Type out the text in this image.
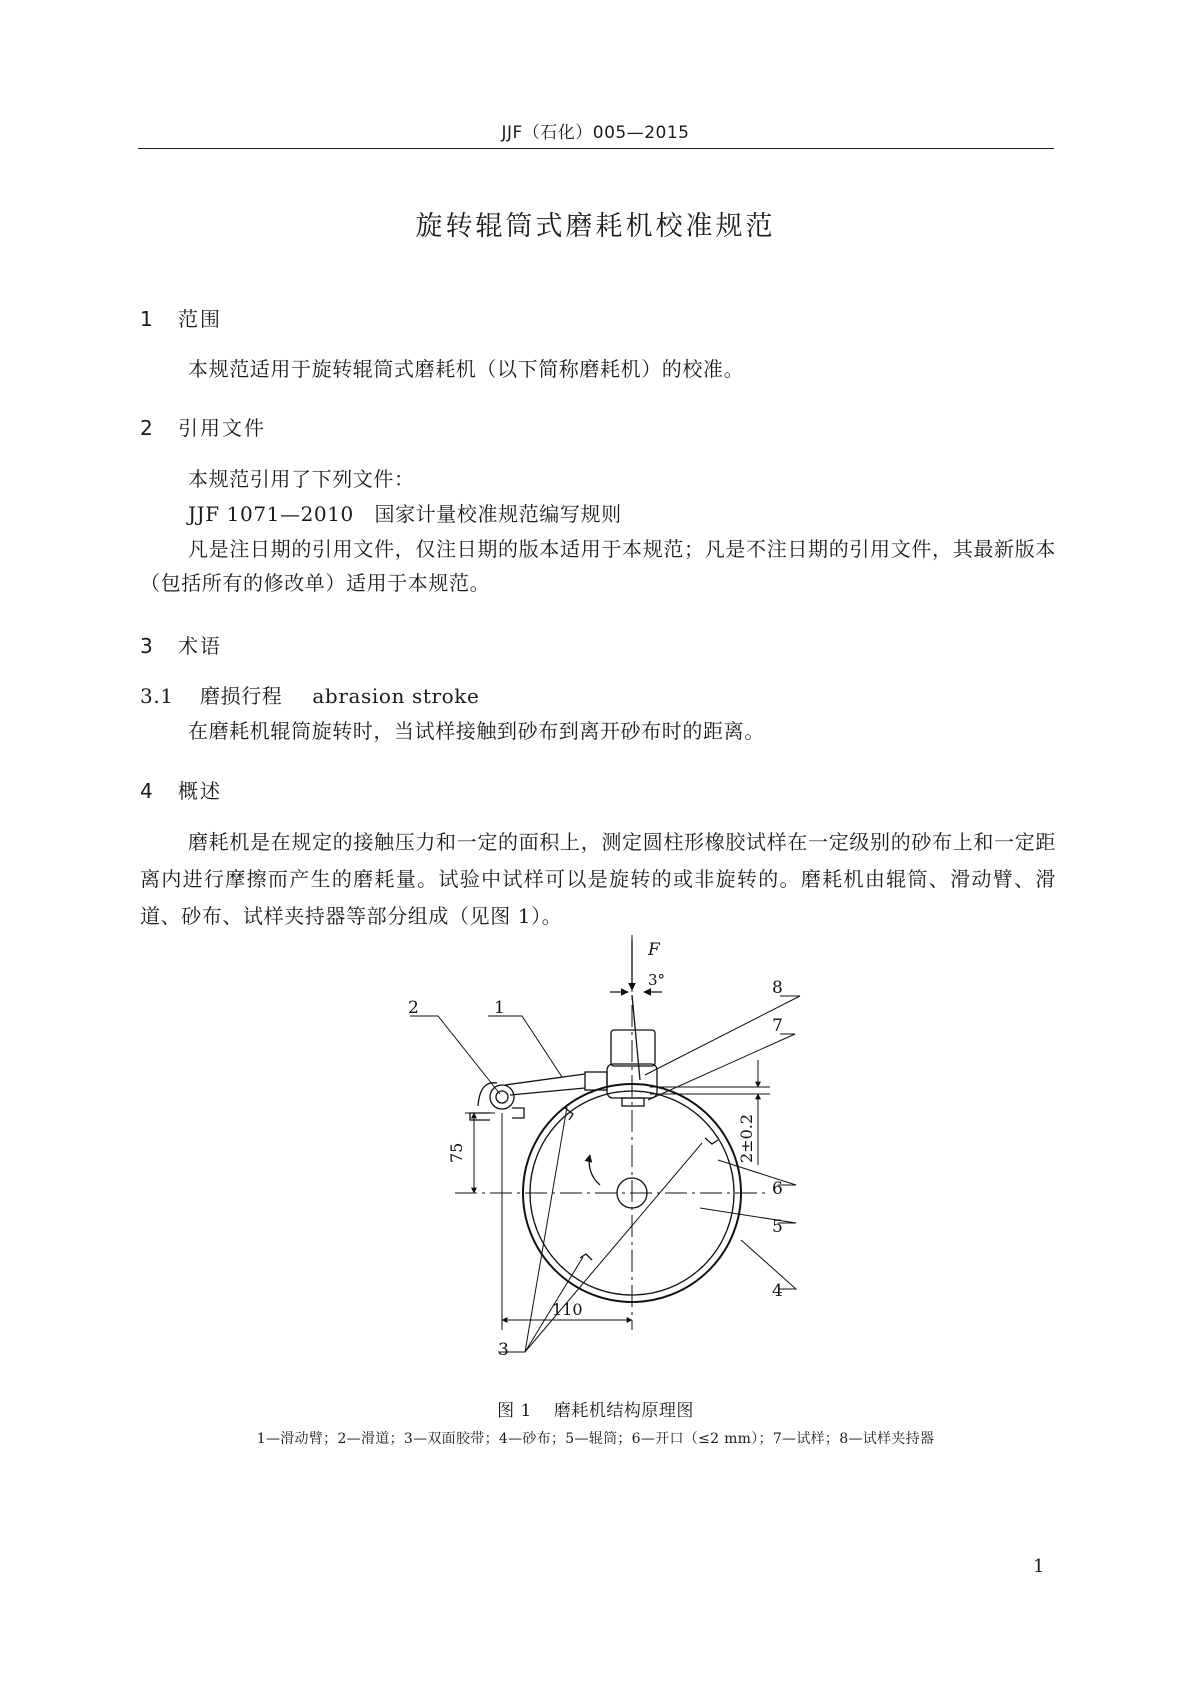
JJF（石化）005—2015
旋转辊筒式磨耗机校准规范
1 范围
本规范适用于旋转辊筒式磨耗机（以下简称磨耗机）的校准。
2 引用文件
本规范引用了下列文件：
JJF 1071—2010　国家计量校准规范编写规则
凡是注日期的引用文件，仅注日期的版本适用于本规范；凡是不注日期的引用文件，其最新版本（包括所有的修改单）适用于本规范。
3 术语
3.1 磨损行程 abrasion stroke
在磨耗机辊筒旋转时，当试样接触到砂布到离开砂布时的距离。
4 概述
磨耗机是在规定的接触压力和一定的面积上，测定圆柱形橡胶试样在一定级别的砂布上和一定距离内进行摩擦而产生的磨耗量。试验中试样可以是旋转的或非旋转的。磨耗机由辊筒、滑动臂、滑道、砂布、试样夹持器等部分组成（见图 1）。
F
3°	8
7
1
2
6
5
4
3
110
75	2±0.2
图 1 磨耗机结构原理图
1—滑动臂；2—滑道；3—双面胶带；4—砂布；5—辊筒；6—开口（≤2 mm）；7—试样；8—试样夹持器
1
